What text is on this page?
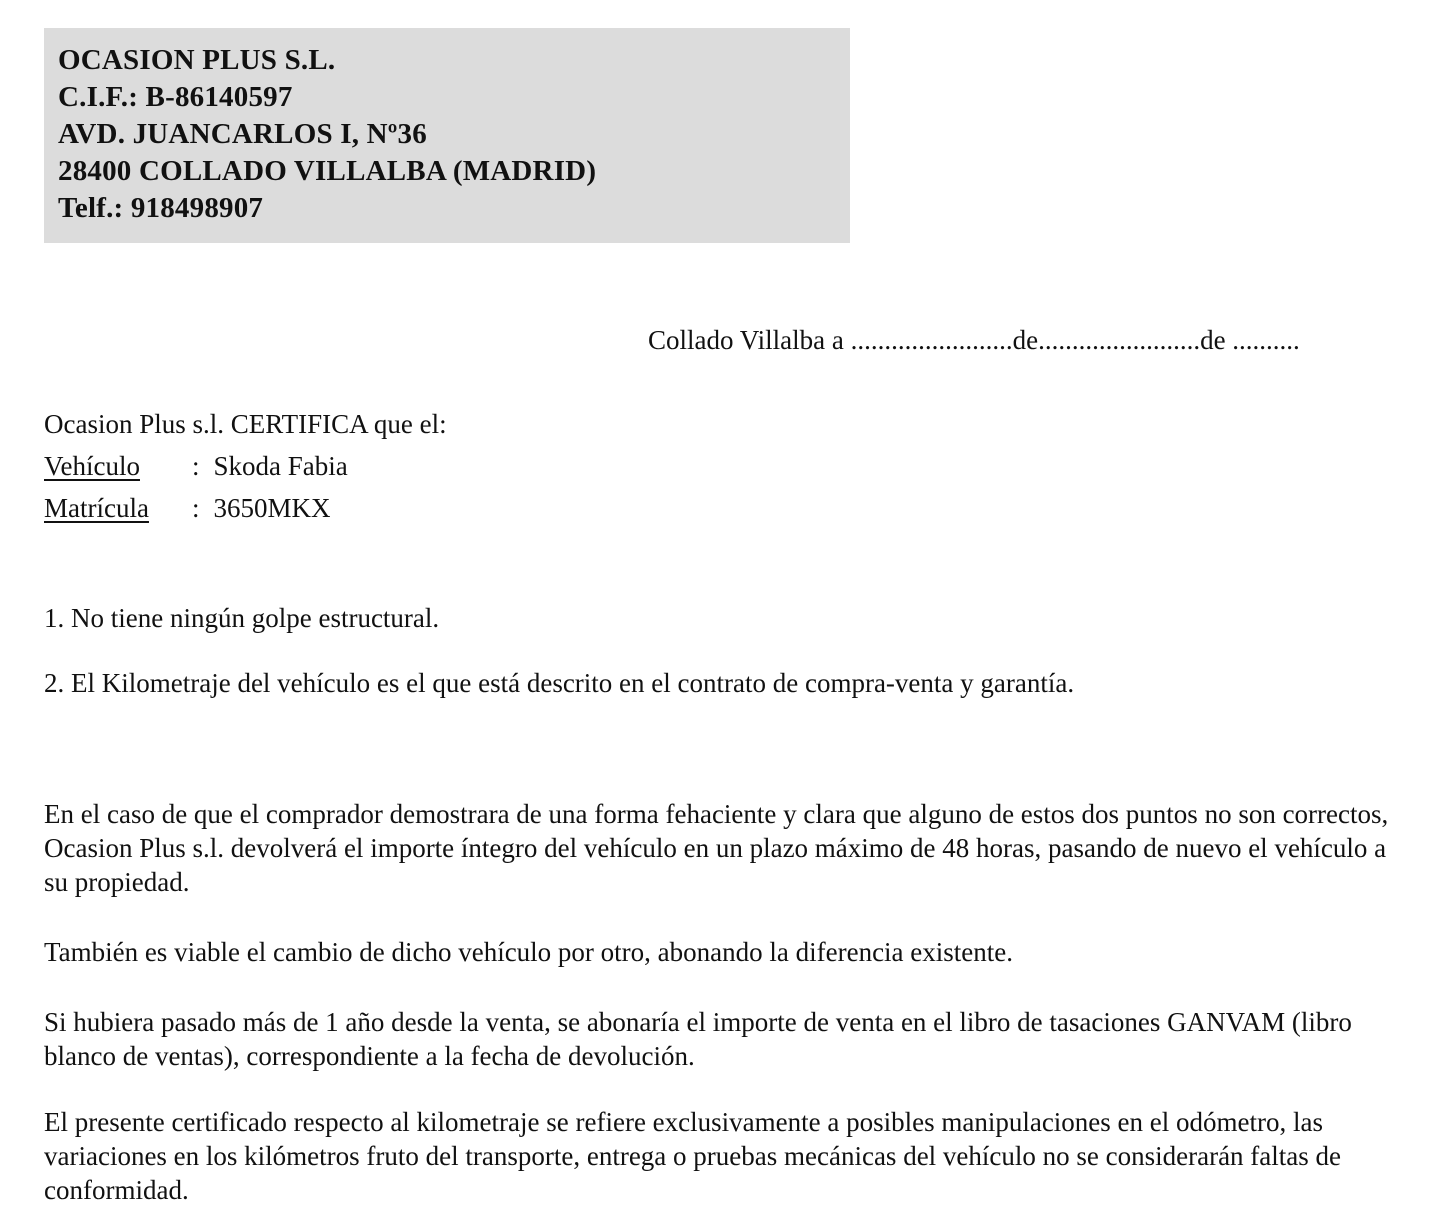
OCASION PLUS S.L.
C.I.F.: B-86140597
AVD. JUANCARLOS I, Nº36
28400 COLLADO VILLALBA (MADRID)
Telf.: 918498907
Collado Villalba a ........................de........................de ..........
Ocasion Plus s.l. CERTIFICA que el:
Vehículo : Skoda Fabia
Matrícula : 3650MKX

1. No tiene ningún golpe estructural.

2. El Kilometraje del vehículo es el que está descrito en el contrato de compra-venta y garantía.

En el caso de que el comprador demostrara de una forma fehaciente y clara que alguno de estos dos puntos no son correctos, Ocasion Plus s.l. devolverá el importe íntegro del vehículo en un plazo máximo de 48 horas, pasando de nuevo el vehículo a su propiedad.

También es viable el cambio de dicho vehículo por otro, abonando la diferencia existente.

Si hubiera pasado más de 1 año desde la venta, se abonaría el importe de venta en el libro de tasaciones GANVAM (libro blanco de ventas), correspondiente a la fecha de devolución.

El presente certificado respecto al kilometraje se refiere exclusivamente a posibles manipulaciones en el odómetro, las variaciones en los kilómetros fruto del transporte, entrega o pruebas mecánicas del vehículo no se considerarán faltas de conformidad.
